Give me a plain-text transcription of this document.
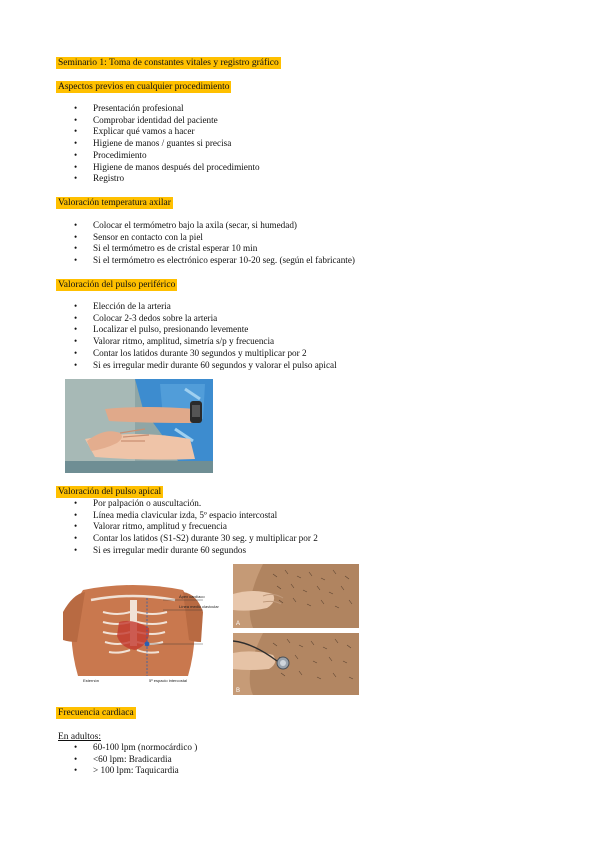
Seminario 1: Toma de constantes vitales y registro gráfico
Aspectos previos en cualquier procedimiento
• Presentación profesional
• Comprobar identidad del paciente
• Explicar qué vamos a hacer
• Higiene de manos / guantes si precisa
• Procedimiento
• Higiene de manos después del procedimiento
• Registro
Valoración temperatura axilar
• Colocar el termómetro bajo la axila (secar, si humedad)
• Sensor en contacto con la piel
• Si el termómetro es de cristal esperar 10 min
• Si el termómetro es electrónico esperar 10-20 seg. (según el fabricante)
Valoración del pulso periférico
• Elección de la arteria
• Colocar 2-3 dedos sobre la arteria
• Localizar el pulso, presionando levemente
• Valorar ritmo, amplitud, simetría s/p y frecuencia
• Contar los latidos durante 30 segundos y multiplicar por 2
• Si es irregular medir durante 60 segundos y valorar el pulso apical
Valoración del pulso apical
• Por palpación o auscultación.
• Línea media clavicular izda, 5º espacio intercostal
• Valorar ritmo, amplitud y frecuencia
• Contar los latidos (S1-S2) durante 30 seg. y multiplicar por 2
• Si es irregular medir durante 60 segundos
Ápex cardíaco
Línea medio clavicular
Esternón	5º espacio intercostal
A
B
Frecuencia cardiaca
En adultos:
• 60-100 lpm (normocárdico )
• <60 lpm: Bradicardia
• > 100 lpm: Taquicardia
